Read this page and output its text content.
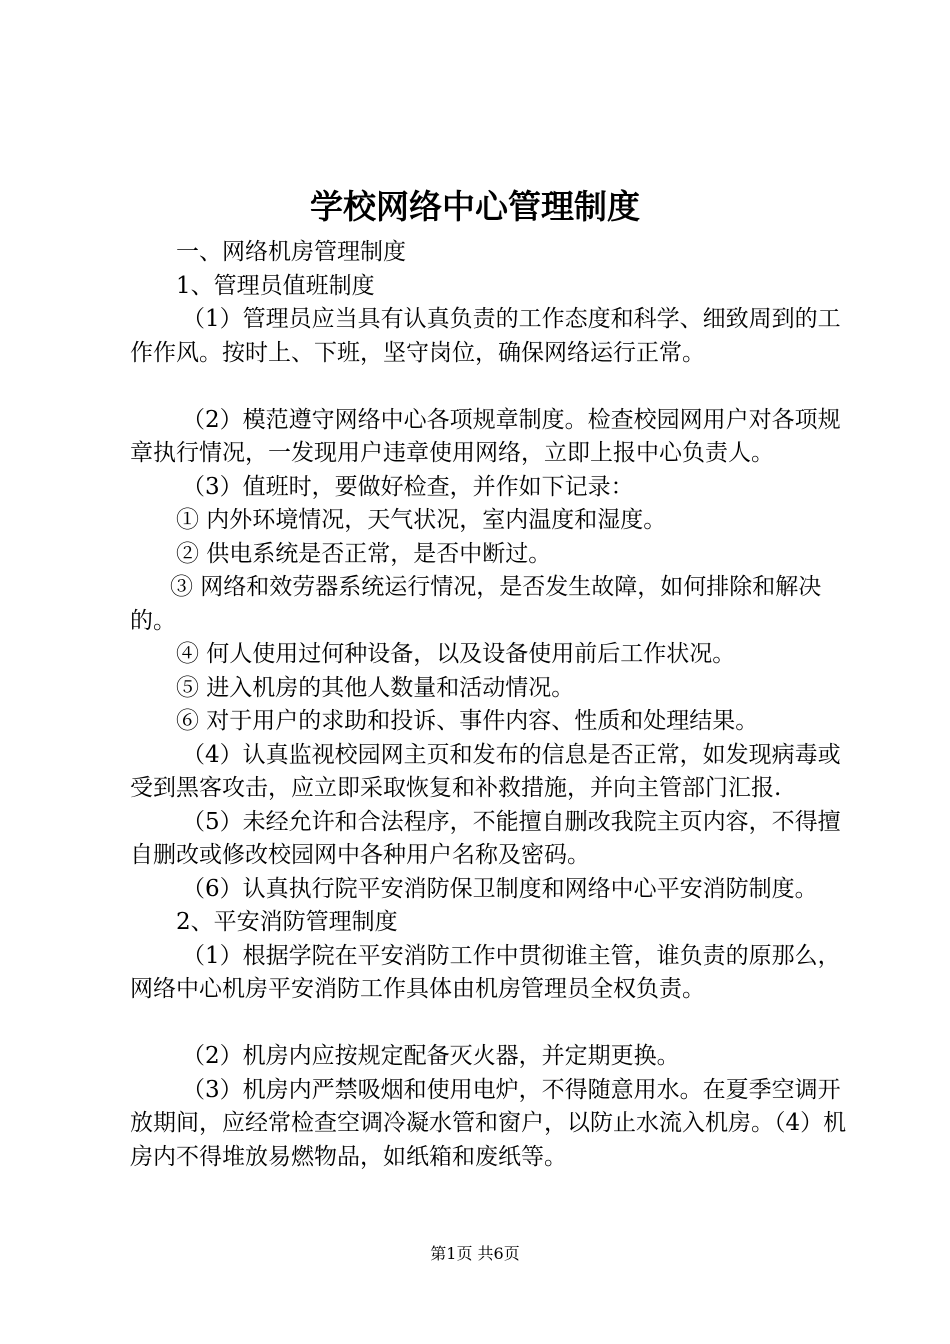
学校网络中心管理制度

一、网络机房管理制度

1、管理员值班制度

（1）管理员应当具有认真负责的工作态度和科学、细致周到的工作作风。按时上、下班，坚守岗位，确保网络运行正常。

（2）模范遵守网络中心各项规章制度。检查校园网用户对各项规章执行情况，一发现用户违章使用网络，立即上报中心负责人。

（3）值班时，要做好检查，并作如下记录：

① 内外环境情况，天气状况，室内温度和湿度。

② 供电系统是否正常，是否中断过。

③ 网络和效劳器系统运行情况，是否发生故障，如何排除和解决的。

④ 何人使用过何种设备，以及设备使用前后工作状况。

⑤ 进入机房的其他人数量和活动情况。

⑥ 对于用户的求助和投诉、事件内容、性质和处理结果。

（4）认真监视校园网主页和发布的信息是否正常，如发现病毒或受到黑客攻击，应立即采取恢复和补救措施，并向主管部门汇报.

（5）未经允许和合法程序，不能擅自删改我院主页内容，不得擅自删改或修改校园网中各种用户名称及密码。

（6）认真执行院平安消防保卫制度和网络中心平安消防制度。

2、平安消防管理制度

（1）根据学院在平安消防工作中贯彻谁主管，谁负责的原那么，网络中心机房平安消防工作具体由机房管理员全权负责。

（2）机房内应按规定配备灭火器，并定期更换。

（3）机房内严禁吸烟和使用电炉，不得随意用水。在夏季空调开放期间，应经常检查空调冷凝水管和窗户，以防止水流入机房。（4）机房内不得堆放易燃物品，如纸箱和废纸等。

第1页 共6页
